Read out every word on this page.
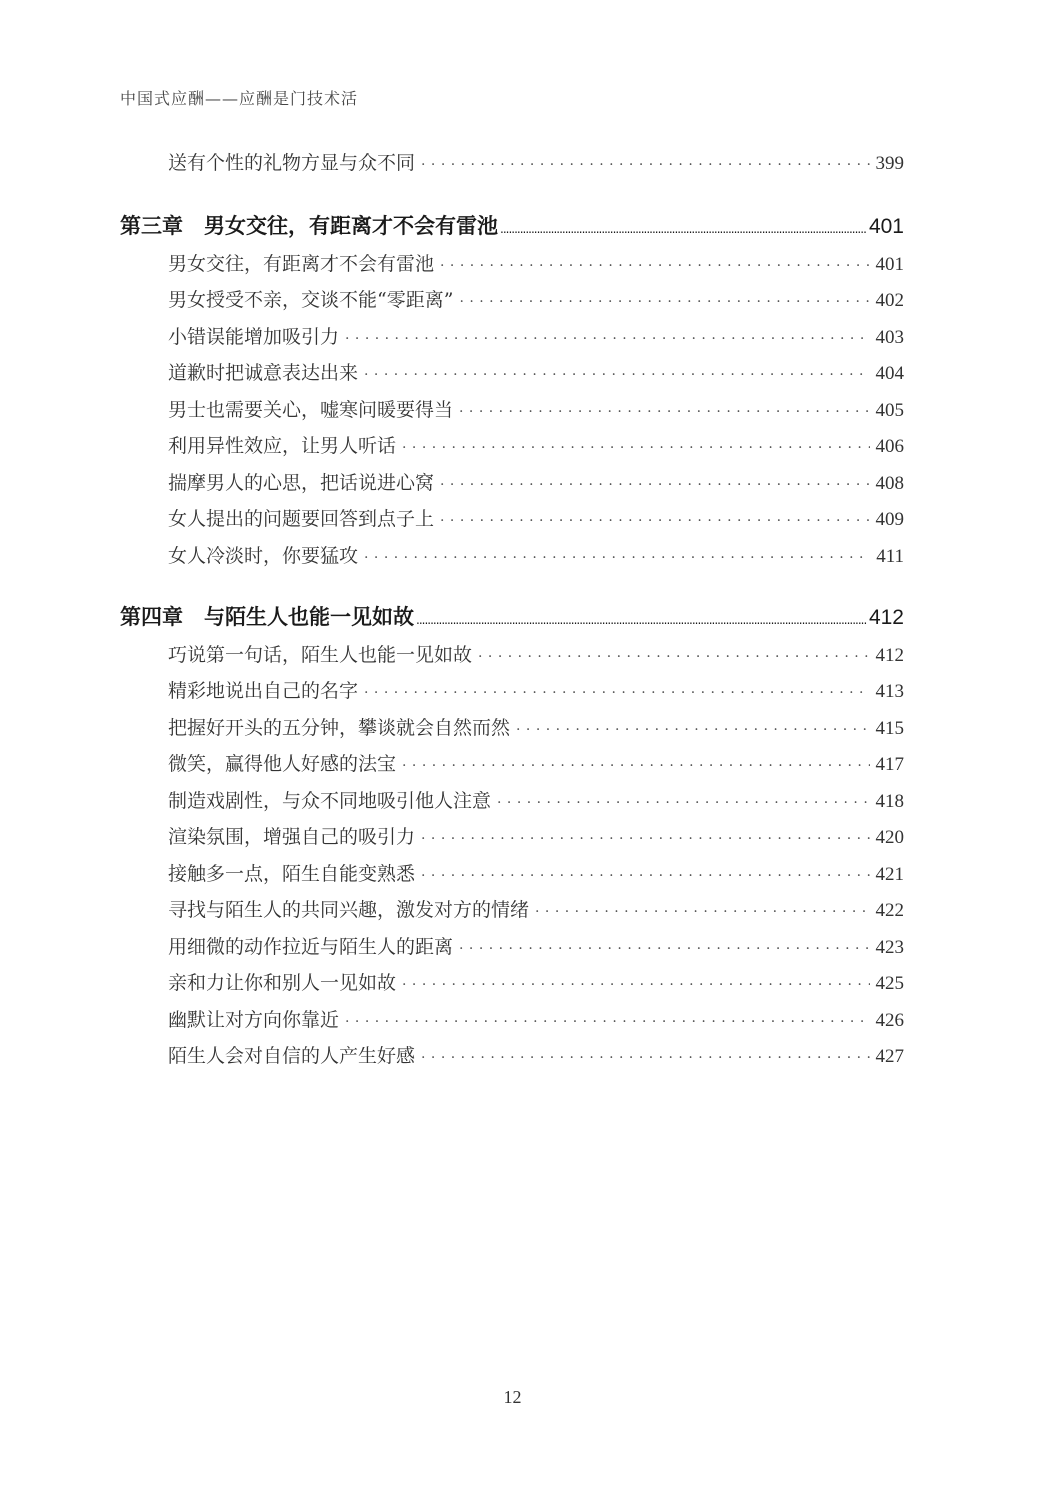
中国式应酬——应酬是门技术活
送有个性的礼物方显与众不同 · · ·	399
第三章　男女交往，有距离才不会有雷池 .....	401
男女交往，有距离才不会有雷池 · · ·	401
男女授受不亲，交谈不能“零距离” · · ·	402
小错误能增加吸引力 · · ·	403
道歉时把诚意表达出来 · · ·	404
男士也需要关心，嘘寒问暖要得当 · · ·	405
利用异性效应，让男人听话 · · ·	406
揣摩男人的心思，把话说进心窝 · · ·	408
女人提出的问题要回答到点子上 · · ·	409
女人冷淡时，你要猛攻 · · ·	411
第四章　与陌生人也能一见如故 .....	412
巧说第一句话，陌生人也能一见如故 · · ·	412
精彩地说出自己的名字 · · ·	413
把握好开头的五分钟，攀谈就会自然而然 · · ·	415
微笑，赢得他人好感的法宝 · · ·	417
制造戏剧性，与众不同地吸引他人注意 · · ·	418
渲染氛围，增强自己的吸引力 · · ·	420
接触多一点，陌生自能变熟悉 · · ·	421
寻找与陌生人的共同兴趣，激发对方的情绪 · · ·	422
用细微的动作拉近与陌生人的距离 · · ·	423
亲和力让你和别人一见如故 · · ·	425
幽默让对方向你靠近 · · ·	426
陌生人会对自信的人产生好感 · · ·	427
12
